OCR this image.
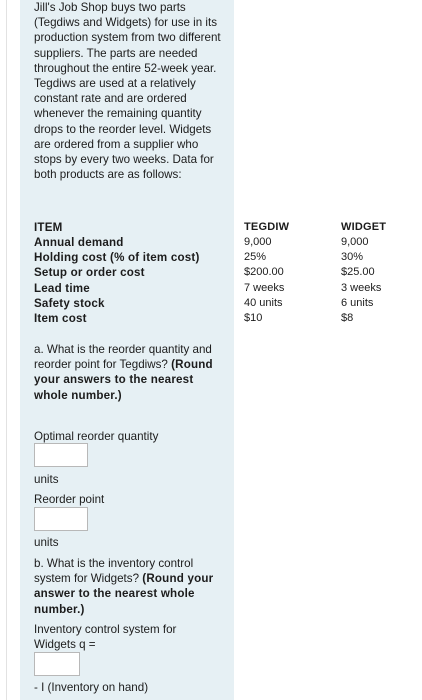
Jill's Job Shop buys two parts (Tegdiws and Widgets) for use in its production system from two different suppliers. The parts are needed throughout the entire 52-week year. Tegdiws are used at a relatively constant rate and are ordered whenever the remaining quantity drops to the reorder level. Widgets are ordered from a supplier who stops by every two weeks. Data for both products are as follows:
ITEM	TEGDIW	WIDGET
Annual demand	9,000	9,000
Holding cost (% of item cost)	25%	30%
Setup or order cost	$200.00	$25.00
Lead time	7 weeks	3 weeks
Safety stock	40 units	6 units
Item cost	$10	$8
a. What is the reorder quantity and reorder point for Tegdiws? (Round your answers to the nearest whole number.)
Optimal reorder quantity
units
Reorder point
units
b. What is the inventory control system for Widgets? (Round your answer to the nearest whole number.)
Inventory control system for Widgets q =
- I (Inventory on hand)
